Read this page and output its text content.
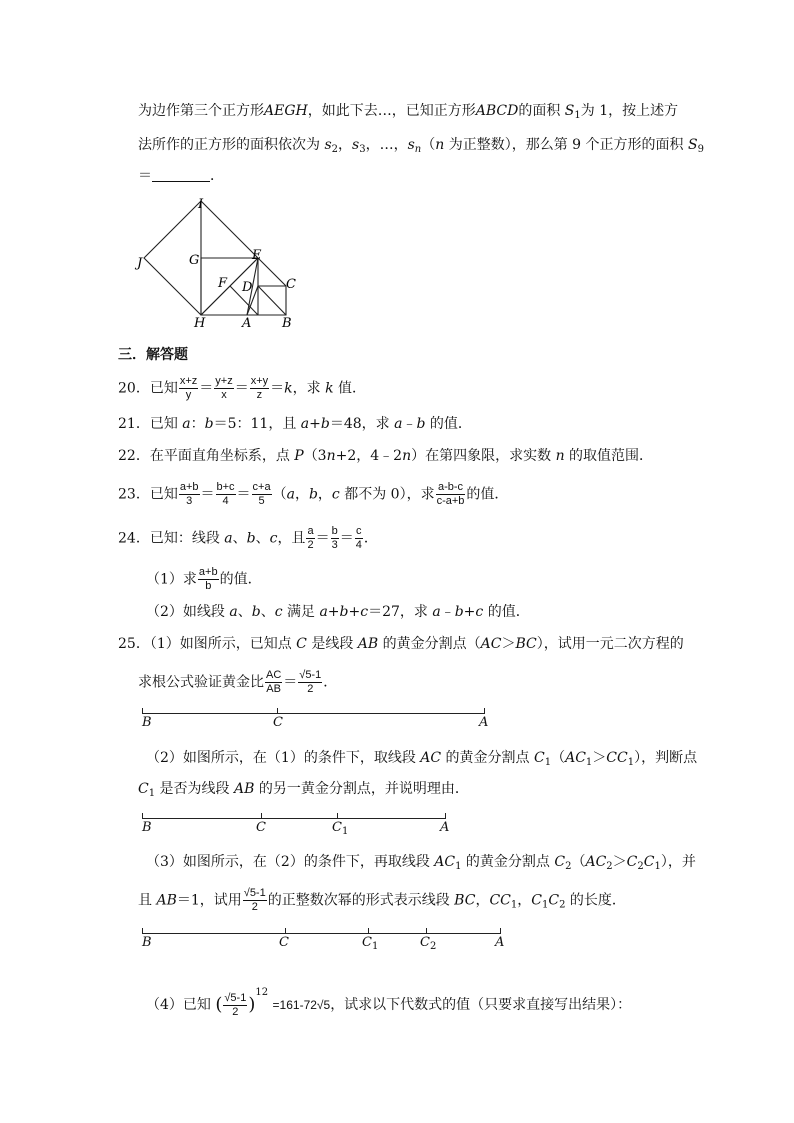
为边作第三个正方形AEGH，如此下去…，已知正方形ABCD的面积 $S_1$为 1，按上述方
法所作的正方形的面积依次为 $s_2$，$s_3$，…，$s_n(n$ 为正整数），那么第 9 个正方形的面积 $S_9$
＝	．
I
J	G	E
F D	C
H	A B
三．解答题
20．已知 $\frac{x+z}{y} = \frac{y+z}{x} = \frac{x+y}{z} =k$，求 k 值．
21．已知 a：b＝5：11，且 a+b＝48，求 a﹣b 的值．
22．在平面直角坐标系，点 P（3n+2，4﹣2n）在第四象限，求实数 n 的取值范围．
23．已知 $\frac{a+b}{3} = \frac{b+c}{4} = \frac{c+a}{5} (a$，b，c 都不为 0），求 $\frac{a-b-c}{c-a+b}$ 的值．
24．已知：线段 a、b、c，且 $\frac{a}{2} = \frac{b}{3} = \frac{c}{4}$ ．
（1）求 $\frac{a+b}{b}$ 的值．
（2）如线段 a、b、c 满足 a+b+c＝27，求 a﹣b+c 的值．
25．（1）如图所示，已知点 C 是线段 AB 的黄金分割点（AC＞BC），试用一元二次方程的
求根公式验证黄金比 $\frac{AC}{AB} = \frac{√5-1}{2}$ ．
B	C	A
（2）如图所示，在（1）的条件下，取线段 AC 的黄金分割点 $C_1(AC_1>CC_1)$，判断点
$C_1$ 是否为线段 AB 的另一黄金分割点，并说明理由．
B	C	$C_1$	A
（3）如图所示，在（2）的条件下，再取线段 $AC_1$ 的黄金分割点 $C_2(AC_2>C_2C_1)$，并
且 AB＝1，试用 $\frac{√5-1}{2}$ 的正整数次幂的形式表示线段 BC，$CC_1$，$C_1C_2$ 的长度．
B	C	$C_1$	$C_2$	A
（4）已知 ( $\frac{√5-1}{2} )^{12} =161-72√5$，试求以下代数式的值（只要求直接写出结果）：
